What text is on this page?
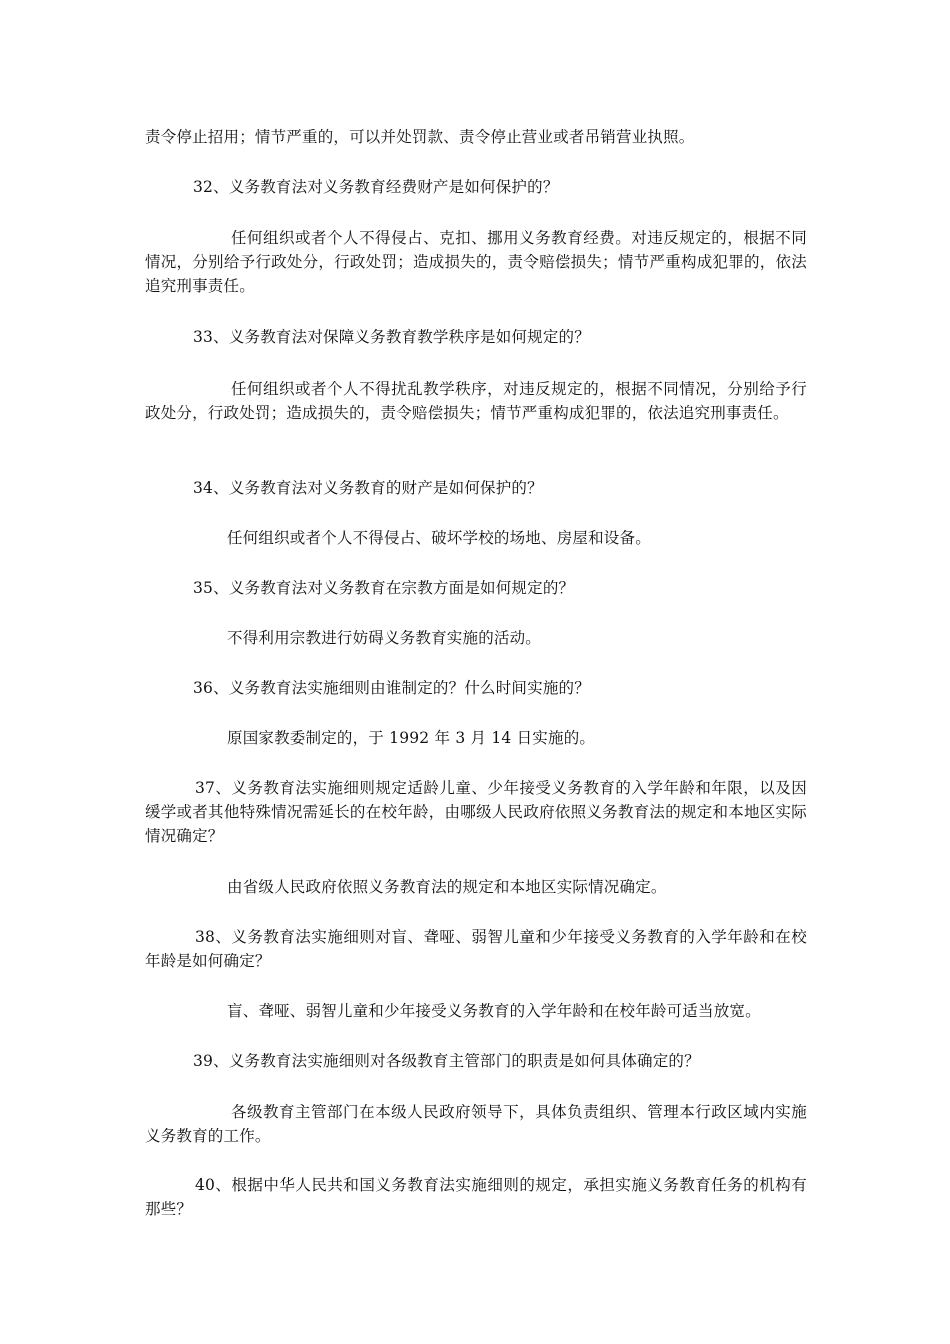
责令停止招用；情节严重的，可以并处罚款、责令停止营业或者吊销营业执照。

32、义务教育法对义务教育经费财产是如何保护的？

任何组织或者个人不得侵占、克扣、挪用义务教育经费。对违反规定的，根据不同情况，分别给予行政处分，行政处罚；造成损失的，责令赔偿损失；情节严重构成犯罪的，依法追究刑事责任。

33、义务教育法对保障义务教育教学秩序是如何规定的？

任何组织或者个人不得扰乱教学秩序，对违反规定的，根据不同情况，分别给予行政处分，行政处罚；造成损失的，责令赔偿损失；情节严重构成犯罪的，依法追究刑事责任。

34、义务教育法对义务教育的财产是如何保护的？

任何组织或者个人不得侵占、破坏学校的场地、房屋和设备。

35、义务教育法对义务教育在宗教方面是如何规定的？

不得利用宗教进行妨碍义务教育实施的活动。

36、义务教育法实施细则由谁制定的？什么时间实施的？

原国家教委制定的，于 1992 年 3 月 14 日实施的。

37、义务教育法实施细则规定适龄儿童、少年接受义务教育的入学年龄和年限，以及因缓学或者其他特殊情况需延长的在校年龄，由哪级人民政府依照义务教育法的规定和本地区实际情况确定？

由省级人民政府依照义务教育法的规定和本地区实际情况确定。

38、义务教育法实施细则对盲、聋哑、弱智儿童和少年接受义务教育的入学年龄和在校年龄是如何确定？

盲、聋哑、弱智儿童和少年接受义务教育的入学年龄和在校年龄可适当放宽。

39、义务教育法实施细则对各级教育主管部门的职责是如何具体确定的？

各级教育主管部门在本级人民政府领导下，具体负责组织、管理本行政区域内实施义务教育的工作。

40、根据中华人民共和国义务教育法实施细则的规定，承担实施义务教育任务的机构有那些？
